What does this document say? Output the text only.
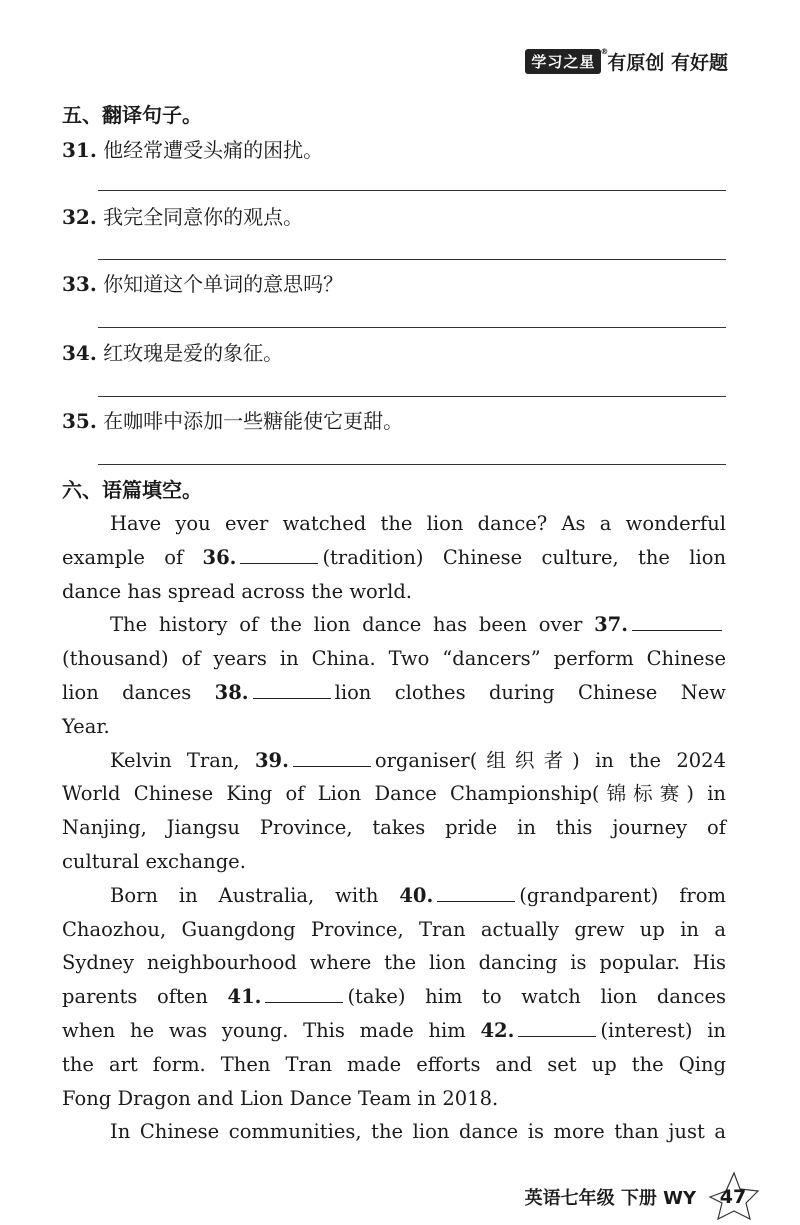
学习之星
®
有原创 有好题
五、翻译句子。
31. 他经常遭受头痛的困扰。
32. 我完全同意你的观点。
33. 你知道这个单词的意思吗？
34. 红玫瑰是爱的象征。
35. 在咖啡中添加一些糖能使它更甜。
六、语篇填空。

Have you ever watched the lion dance? As a wonderful

example of 36.	(tradition) Chinese culture, the lion

dance has spread across the world.

The history of the lion dance has been over 37.

(thousand) of years in China. Two “dancers” perform Chinese

lion dances 38.	lion clothes during Chinese New

Year.

Kelvin Tran, 39.	organiser(组织者) in the 2024

World Chinese King of Lion Dance Championship(锦标赛) in

Nanjing, Jiangsu Province, takes pride in this journey of

cultural exchange.

Born in Australia, with 40.	(grandparent) from

Chaozhou, Guangdong Province, Tran actually grew up in a

Sydney neighbourhood where the lion dancing is popular. His

parents often 41.	(take) him to watch lion dances

when he was young. This made him 42.	(interest) in

the art form. Then Tran made efforts and set up the Qing

Fong Dragon and Lion Dance Team in 2018.

In Chinese communities, the lion dance is more than just a

英语七年级 下册 WY 47
